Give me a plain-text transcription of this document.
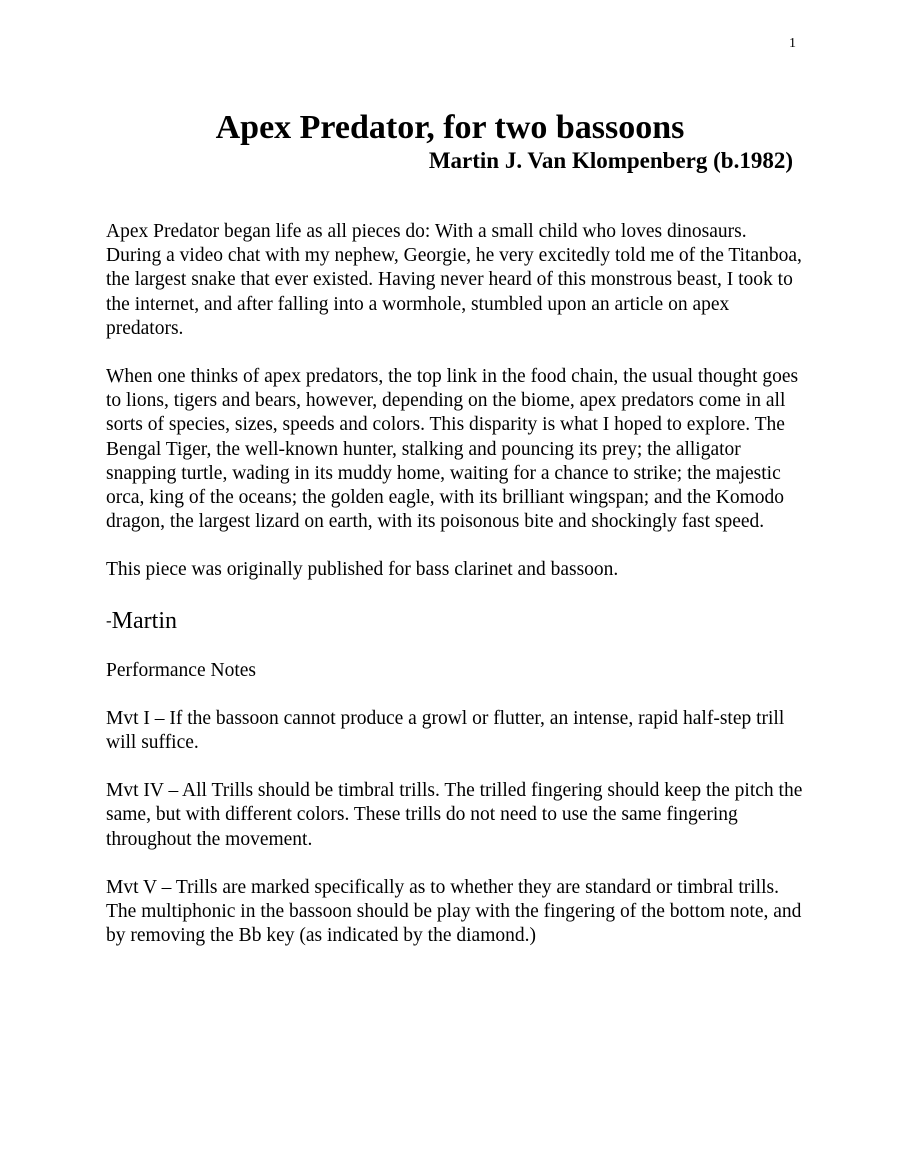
1
Apex Predator, for two bassoons
Martin J. Van Klompenberg (b.1982)

Apex Predator began life as all pieces do: With a small child who loves dinosaurs. During a video chat with my nephew, Georgie, he very excitedly told me of the Titanboa, the largest snake that ever existed. Having never heard of this monstrous beast, I took to the internet, and after falling into a wormhole, stumbled upon an article on apex predators.

When one thinks of apex predators, the top link in the food chain, the usual thought goes to lions, tigers and bears, however, depending on the biome, apex predators come in all sorts of species, sizes, speeds and colors. This disparity is what I hoped to explore. The Bengal Tiger, the well-known hunter, stalking and pouncing its prey; the alligator snapping turtle, wading in its muddy home, waiting for a chance to strike; the majestic orca, king of the oceans; the golden eagle, with its brilliant wingspan; and the Komodo dragon, the largest lizard on earth, with its poisonous bite and shockingly fast speed.

This piece was originally published for bass clarinet and bassoon.

-Martin

Performance Notes

Mvt I – If the bassoon cannot produce a growl or flutter, an intense, rapid half-step trill will suffice.

Mvt IV – All Trills should be timbral trills. The trilled fingering should keep the pitch the same, but with different colors. These trills do not need to use the same fingering throughout the movement.

Mvt V – Trills are marked specifically as to whether they are standard or timbral trills. The multiphonic in the bassoon should be play with the fingering of the bottom note, and by removing the Bb key (as indicated by the diamond.)
